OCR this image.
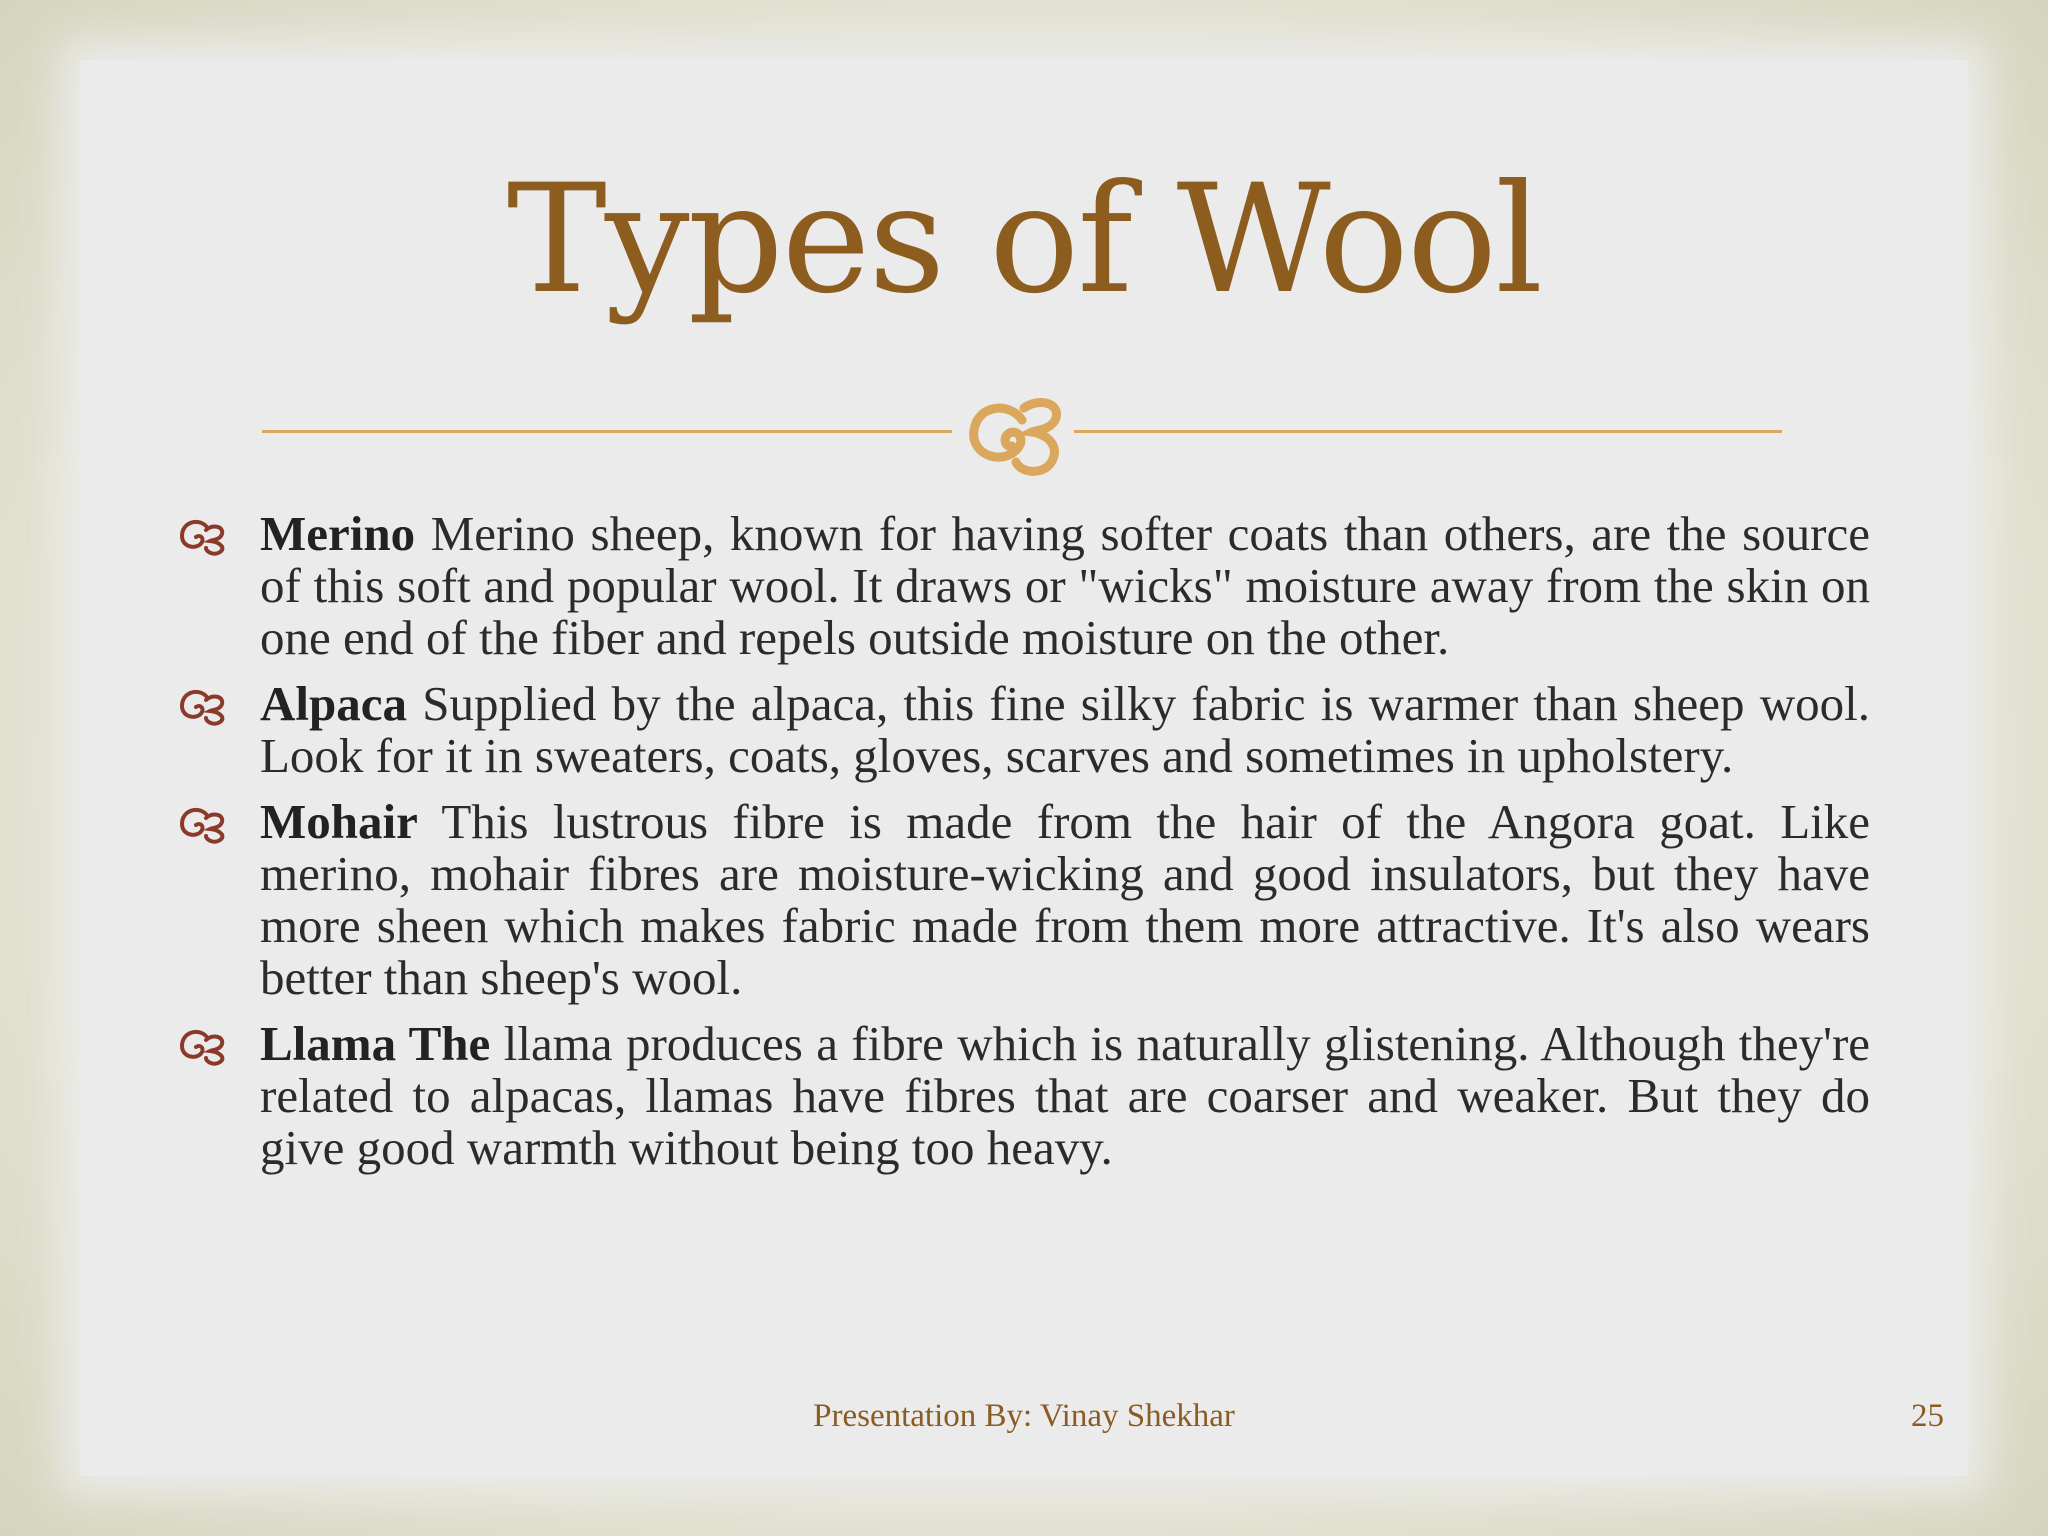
Types of Wool
Merino Merino sheep, known for having softer coats than others, are the source of this soft and popular wool. It draws or "wicks" moisture away from the skin on one end of the fiber and repels outside moisture on the other.
Alpaca Supplied by the alpaca, this fine silky fabric is warmer than sheep wool. Look for it in sweaters, coats, gloves, scarves and sometimes in upholstery.
Mohair This lustrous fibre is made from the hair of the Angora goat. Like merino, mohair fibres are moisture-wicking and good insulators, but they have more sheen which makes fabric made from them more attractive. It's also wears better than sheep's wool.
Llama The llama produces a fibre which is naturally glistening. Although they're related to alpacas, llamas have fibres that are coarser and weaker. But they do give good warmth without being too heavy.
Presentation By: Vinay Shekhar	25
